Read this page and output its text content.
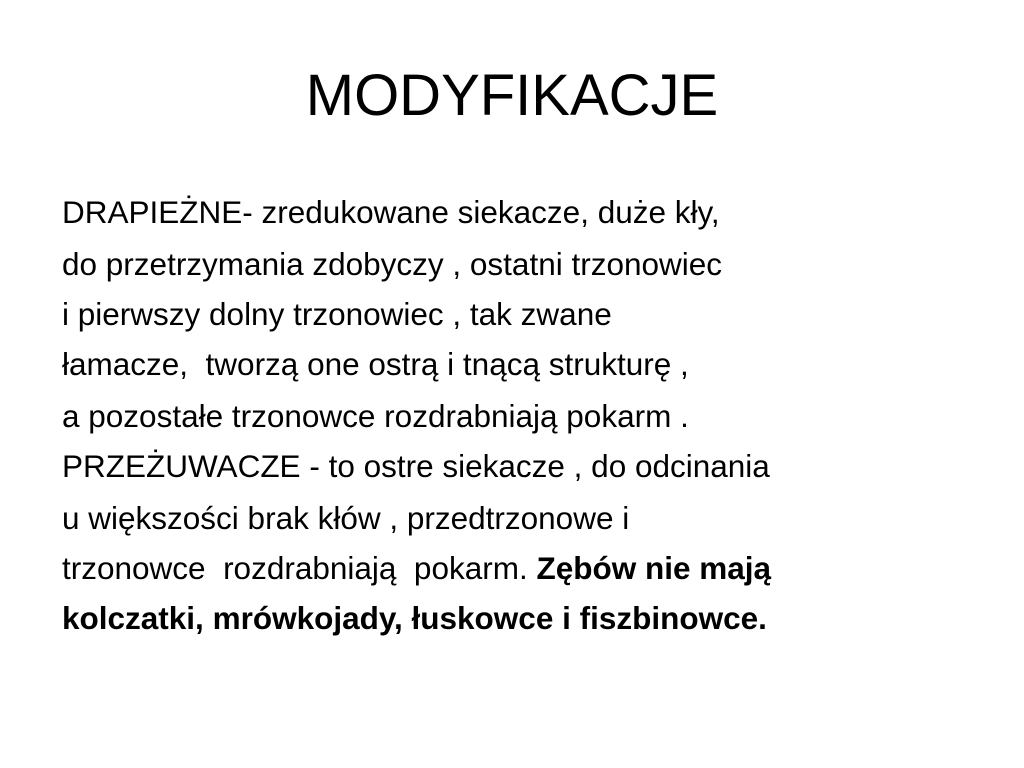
MODYFIKACJE
DRAPIEŻNE- zredukowane siekacze, duże kły,
do przetrzymania zdobyczy , ostatni trzonowiec
i pierwszy dolny trzonowiec , tak zwane
łamacze,  tworzą one ostrą i tnącą strukturę ,
a pozostałe trzonowce rozdrabniają pokarm .
PRZEŻUWACZE - to ostre siekacze , do odcinania
u większości brak kłów , przedtrzonowe i
trzonowce  rozdrabniają  pokarm. Zębów nie mają
kolczatki, mrówkojady, łuskowce i fiszbinowce.
